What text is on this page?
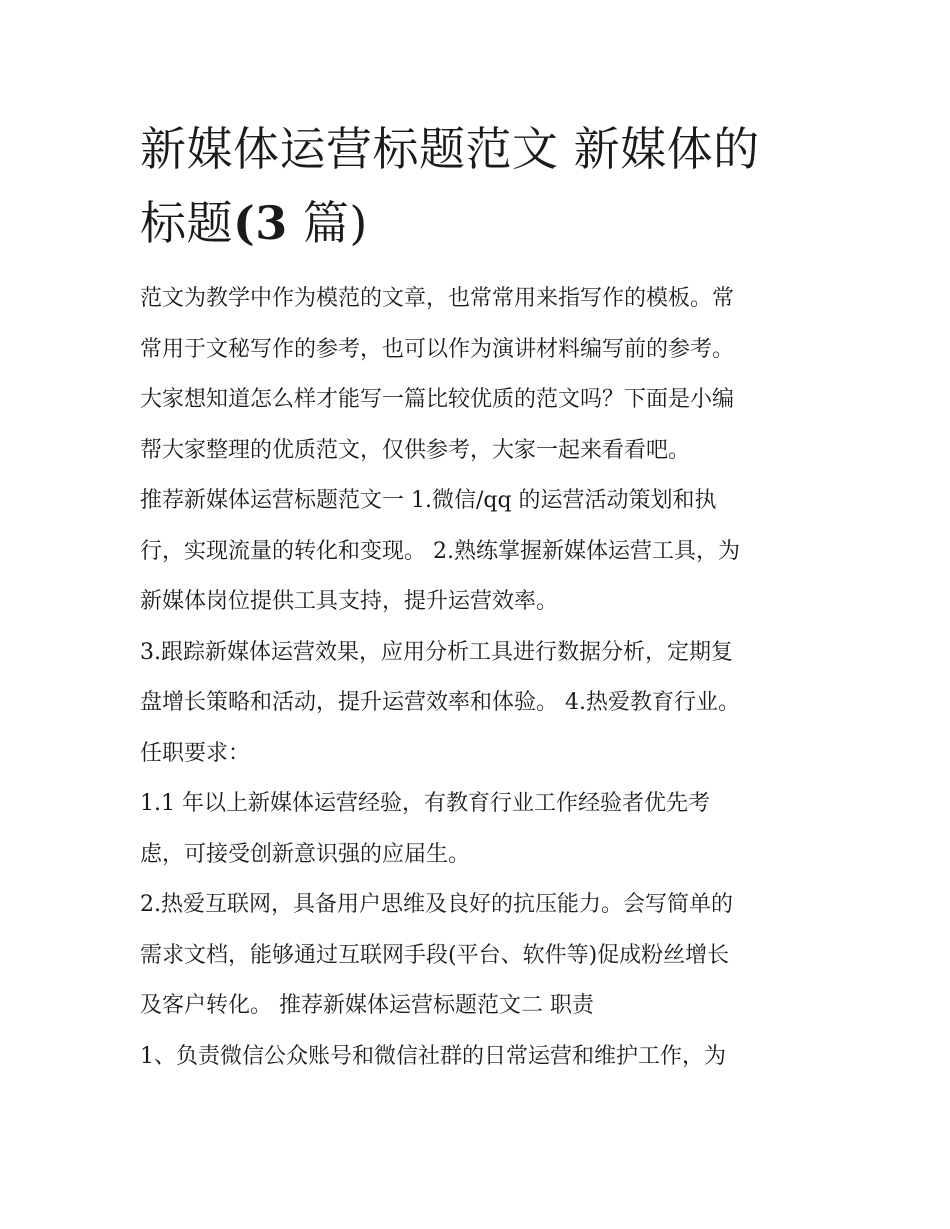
新媒体运营标题范文 新媒体的
标题(3 篇)
范文为教学中作为模范的文章，也常常用来指写作的模板。常
常用于文秘写作的参考，也可以作为演讲材料编写前的参考。
大家想知道怎么样才能写一篇比较优质的范文吗？下面是小编
帮大家整理的优质范文，仅供参考，大家一起来看看吧。
推荐新媒体运营标题范文一 1.微信/qq 的运营活动策划和执
行，实现流量的转化和变现。 2.熟练掌握新媒体运营工具，为
新媒体岗位提供工具支持，提升运营效率。
3.跟踪新媒体运营效果，应用分析工具进行数据分析，定期复
盘增长策略和活动，提升运营效率和体验。 4.热爱教育行业。
任职要求：
1.1 年以上新媒体运营经验，有教育行业工作经验者优先考
虑，可接受创新意识强的应届生。
2.热爱互联网，具备用户思维及良好的抗压能力。会写简单的
需求文档，能够通过互联网手段(平台、软件等)促成粉丝增长
及客户转化。 推荐新媒体运营标题范文二 职责
1、负责微信公众账号和微信社群的日常运营和维护工作，为
